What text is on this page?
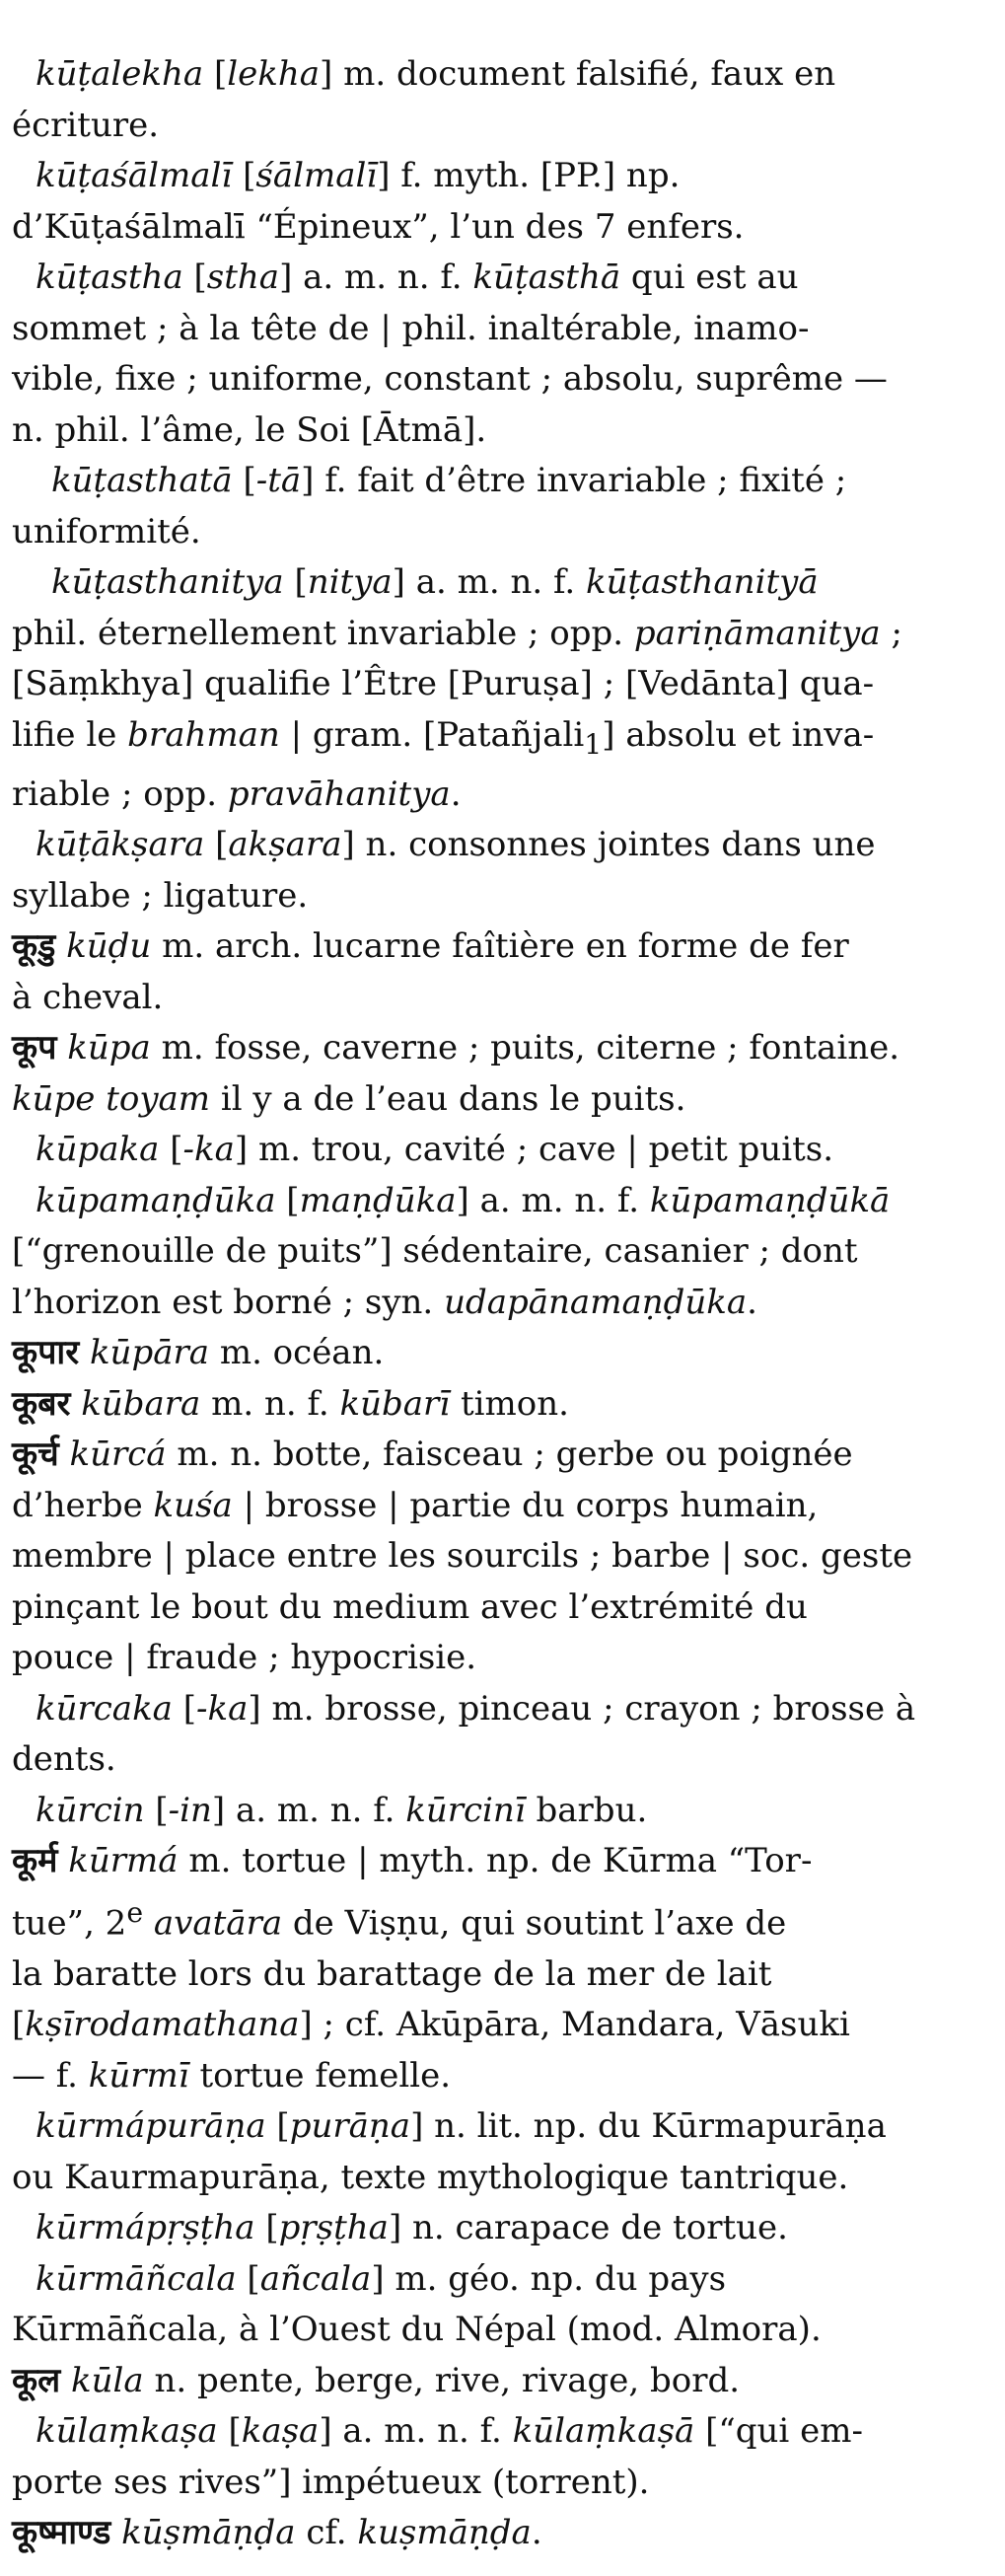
kūṭalekha [lekha] m. document falsifié, faux en
écriture.

kūṭaśālmalī [śālmalī] f. myth. [PP.] np.
d’Kūṭaśālmalī “Épineux”, l’un des 7 enfers.

kūṭastha [stha] a. m. n. f. kūṭasthā qui est au
sommet ; à la tête de | phil. inaltérable, inamo-
vible, fixe ; uniforme, constant ; absolu, suprême —
n. phil. l’âme, le Soi [Ātmā].

kūṭasthatā [-tā] f. fait d’être invariable ; fixité ;
uniformité.

kūṭasthanitya [nitya] a. m. n. f. kūṭasthanityā
phil. éternellement invariable ; opp. pariṇāmanitya ;
[Sāṃkhya] qualifie l’Être [Puruṣa] ; [Vedānta] qua-
lifie le brahman | gram. [Patañjali$_1$] absolu et inva-
riable ; opp. pravāhanitya.

kūṭākṣara [akṣara] n. consonnes jointes dans une
syllabe ; ligature.

कूडु kūḍu m. arch. lucarne faîtière en forme de fer
à cheval.

कूप kūpa m. fosse, caverne ; puits, citerne ; fontaine.
kūpe toyam il y a de l’eau dans le puits.

kūpaka [-ka] m. trou, cavité ; cave | petit puits.

kūpamaṇḍūka [maṇḍūka] a. m. n. f. kūpamaṇḍūkā
[“grenouille de puits”] sédentaire, casanier ; dont
l’horizon est borné ; syn. udapānamaṇḍūka.

कूपार kūpāra m. océan.

कूबर kūbara m. n. f. kūbarī timon.

कूर्च kūrcá m. n. botte, faisceau ; gerbe ou poignée
d’herbe kuśa | brosse | partie du corps humain,
membre | place entre les sourcils ; barbe | soc. geste
pinçant le bout du medium avec l’extrémité du
pouce | fraude ; hypocrisie.

kūrcaka [-ka] m. brosse, pinceau ; crayon ; brosse à
dents.

kūrcin [-in] a. m. n. f. kūrcinī barbu.

कूर्म kūrmá m. tortue | myth. np. de Kūrma “Tor-
tue”, 2e avatāra de Viṣṇu, qui soutint l’axe de
la baratte lors du barattage de la mer de lait
[kṣīrodamathana] ; cf. Akūpāra, Mandara, Vāsuki
— f. kūrmī tortue femelle.

kūrmápurāṇa [purāṇa] n. lit. np. du Kūrmapurāṇa
ou Kaurmapurāṇa, texte mythologique tantrique.

kūrmápṛṣṭha [pṛṣṭha] n. carapace de tortue.

kūrmāñcala [añcala] m. géo. np. du pays
Kūrmāñcala, à l’Ouest du Népal (mod. Almora).

कूल kūla n. pente, berge, rive, rivage, bord.

kūlaṃkaṣa [kaṣa] a. m. n. f. kūlaṃkaṣā [“qui em-
porte ses rives”] impétueux (torrent).

कूष्माण्ड kūṣmāṇḍa cf. kuṣmāṇḍa.
